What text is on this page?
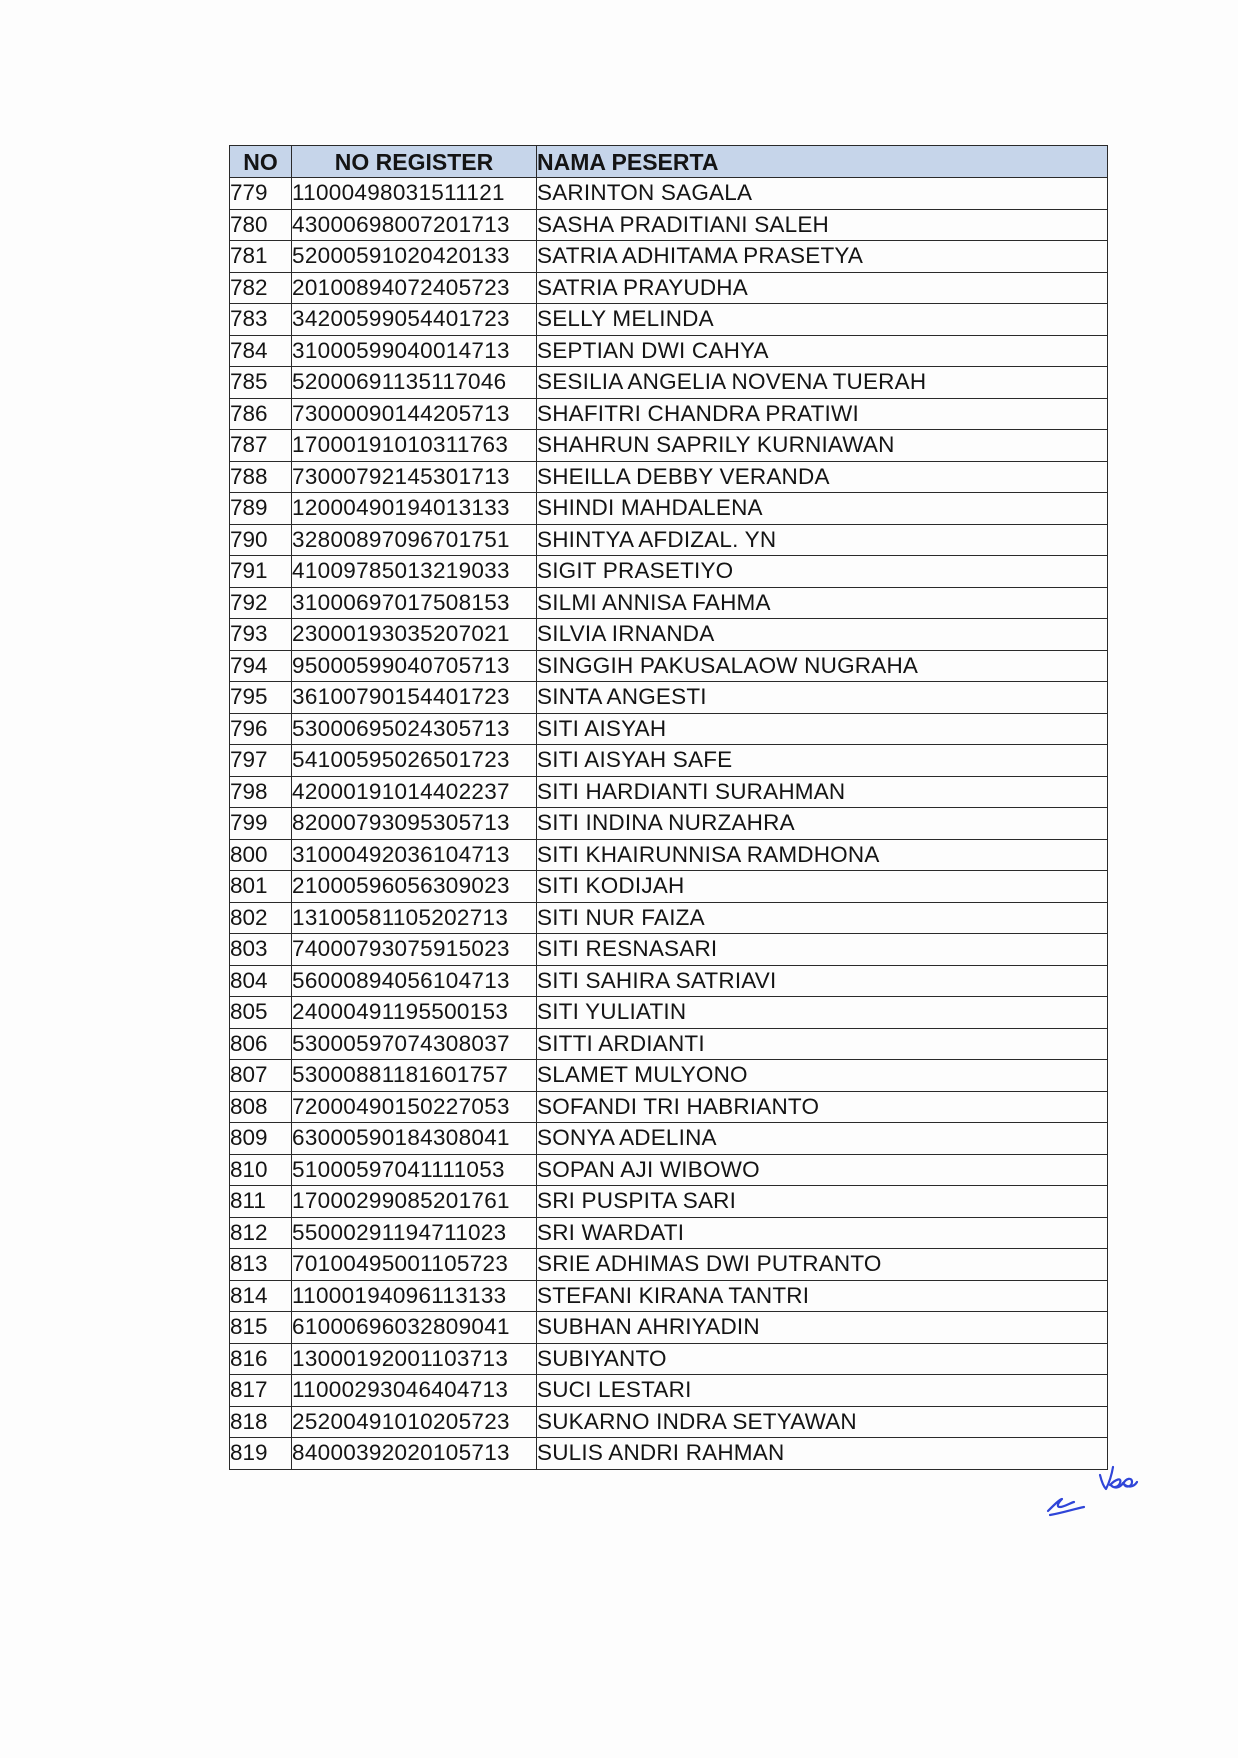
NO	NO REGISTER	NAMA PESERTA
779	11000498031511121	SARINTON SAGALA
780	43000698007201713	SASHA PRADITIANI SALEH
781	52000591020420133	SATRIA ADHITAMA PRASETYA
782	20100894072405723	SATRIA PRAYUDHA
783	34200599054401723	SELLY MELINDA
784	31000599040014713	SEPTIAN DWI CAHYA
785	52000691135117046	SESILIA ANGELIA NOVENA TUERAH
786	73000090144205713	SHAFITRI CHANDRA PRATIWI
787	17000191010311763	SHAHRUN SAPRILY KURNIAWAN
788	73000792145301713	SHEILLA DEBBY VERANDA
789	12000490194013133	SHINDI MAHDALENA
790	32800897096701751	SHINTYA AFDIZAL. YN
791	41009785013219033	SIGIT PRASETIYO
792	31000697017508153	SILMI ANNISA FAHMA
793	23000193035207021	SILVIA IRNANDA
794	95000599040705713	SINGGIH PAKUSALAOW NUGRAHA
795	36100790154401723	SINTA ANGESTI
796	53000695024305713	SITI AISYAH
797	54100595026501723	SITI AISYAH SAFE
798	42000191014402237	SITI HARDIANTI SURAHMAN
799	82000793095305713	SITI INDINA NURZAHRA
800	31000492036104713	SITI KHAIRUNNISA RAMDHONA
801	21000596056309023	SITI KODIJAH
802	13100581105202713	SITI NUR FAIZA
803	74000793075915023	SITI RESNASARI
804	56000894056104713	SITI SAHIRA SATRIAVI
805	24000491195500153	SITI YULIATIN
806	53000597074308037	SITTI ARDIANTI
807	53000881181601757	SLAMET MULYONO
808	72000490150227053	SOFANDI TRI HABRIANTO
809	63000590184308041	SONYA ADELINA
810	51000597041111053	SOPAN AJI WIBOWO
811	17000299085201761	SRI PUSPITA SARI
812	55000291194711023	SRI WARDATI
813	70100495001105723	SRIE ADHIMAS DWI PUTRANTO
814	11000194096113133	STEFANI KIRANA TANTRI
815	61000696032809041	SUBHAN AHRIYADIN
816	13000192001103713	SUBIYANTO
817	11000293046404713	SUCI LESTARI
818	25200491010205723	SUKARNO INDRA SETYAWAN
819	84000392020105713	SULIS ANDRI RAHMAN
